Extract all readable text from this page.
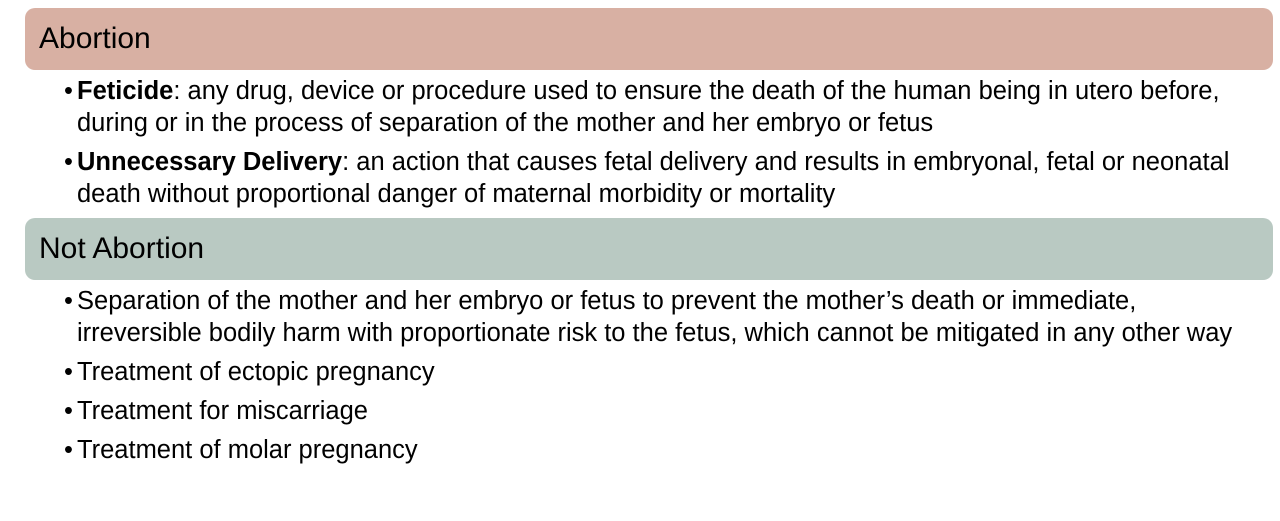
Abortion
• Feticide: any drug, device or procedure used to ensure the death of the human being in utero before, during or in the process of separation of the mother and her embryo or fetus
• Unnecessary Delivery: an action that causes fetal delivery and results in embryonal, fetal or neonatal death without proportional danger of maternal morbidity or mortality
Not Abortion
• Separation of the mother and her embryo or fetus to prevent the mother’s death or immediate, irreversible bodily harm with proportionate risk to the fetus, which cannot be mitigated in any other way
• Treatment of ectopic pregnancy
• Treatment for miscarriage
• Treatment of molar pregnancy
